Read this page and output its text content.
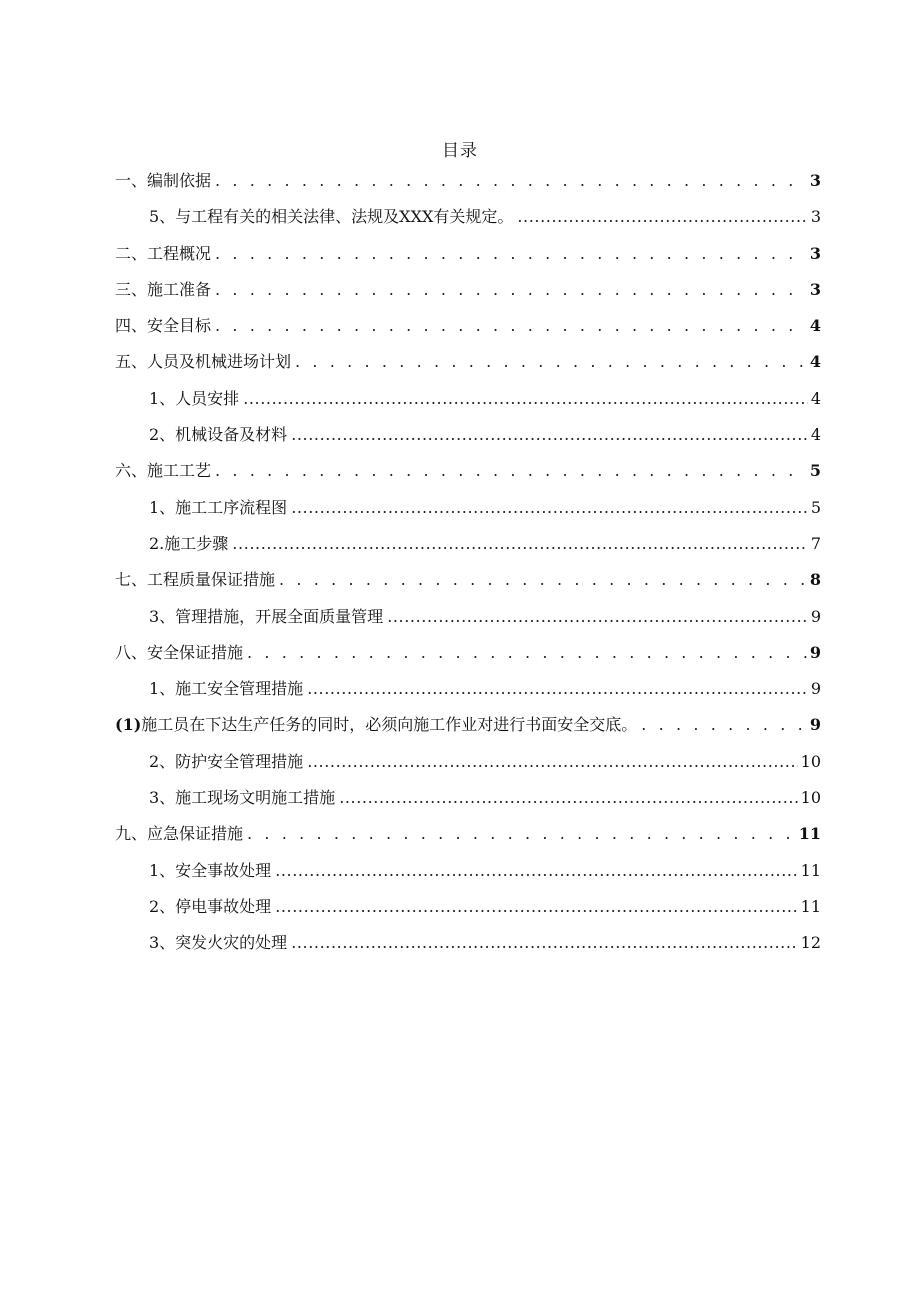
目录
一、编制依据 . . .	3
5、与工程有关的相关法律、法规及XXX有关规定。 .....	3
二、工程概况 . . .	3
三、施工准备 . . .	3
四、安全目标 . . .	4
五、人员及机械进场计划 . . .	4
1、人员安排 .....	4
2、机械设备及材料 .....	4
六、施工工艺 . . .	5
1、施工工序流程图 .....	5
2.施工步骤 .....	7
七、工程质量保证措施 . . .	8
3、管理措施，开展全面质量管理 .....	9
八、安全保证措施 . . .	9
1、施工安全管理措施 .....	9
(1)施工员在下达生产任务的同时，必须向施工作业对进行书面安全交底。 . . .	9
2、防护安全管理措施 .....	10
3、施工现场文明施工措施 .....	10
九、应急保证措施 . . .	11
1、安全事故处理 .....	11
2、停电事故处理 .....	11
3、突发火灾的处理 .....	12
